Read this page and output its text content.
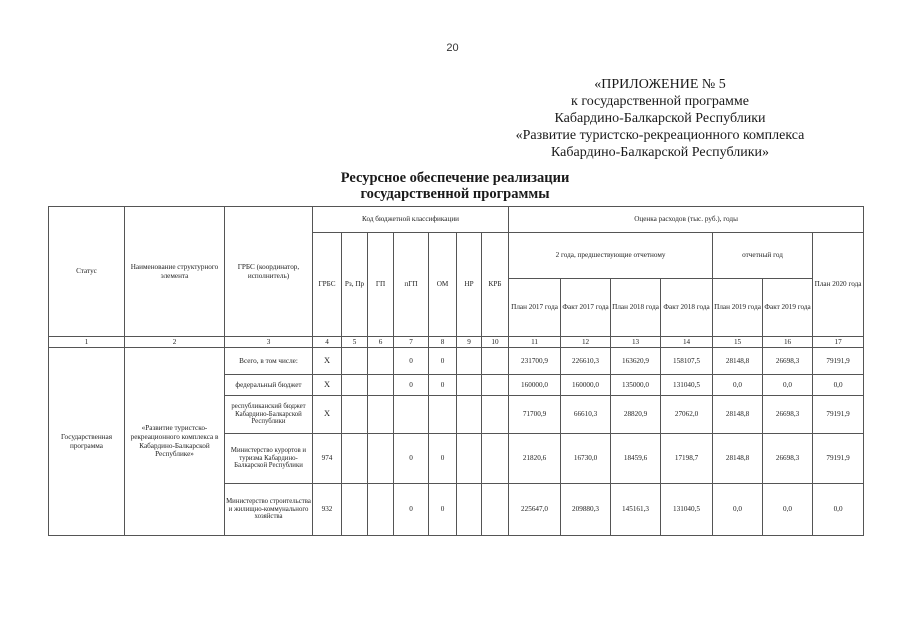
20
«ПРИЛОЖЕНИЕ № 5
к государственной программе
Кабардино-Балкарской Республики
«Развитие туристско-рекреационного комплекса
Кабардино-Балкарской Республики»
Ресурсное обеспечение реализации
государственной программы
Статус	Наименование структурного элемента	ГРБС (координатор, исполнитель)	Код бюджетной классификации							Оценка расходов (тыс. руб.), годы						
			ГРБС	Рз, Пр	ГП	пГП	ОМ	НР	КРБ	2 года, предшествующие отчетному				отчетный год		План 2020 года
										План 2017 года	Факт 2017 года	План 2018 года	Факт 2018 года	План 2019 года	Факт 2019 года	
1	2	3	4	5	6	7	8	9	10	11	12	13	14	15	16	17
Государственная программа	«Развитие туристско-рекреационного комплекса в Кабардино-Балкарской Республике»	Всего, в том числе:	Х			0	0			231700,9	226610,3	163620,9	158107,5	28148,8	26698,3	79191,9
		федеральный бюджет	Х			0	0			160000,0	160000,0	135000,0	131040,5	0,0	0,0	0,0
		республиканский бюджет Кабардино-Балкарской Республики	Х							71700,9	66610,3	28820,9	27062,0	28148,8	26698,3	79191,9
		Министерство курортов и туризма Кабардино-Балкарской Республики	974			0	0			21820,6	16730,0	18459,6	17198,7	28148,8	26698,3	79191,9
		Министерство строительства и жилищно-коммунального хозяйства	932			0	0			225647,0	209880,3	145161,3	131040,5	0,0	0,0	0,0
